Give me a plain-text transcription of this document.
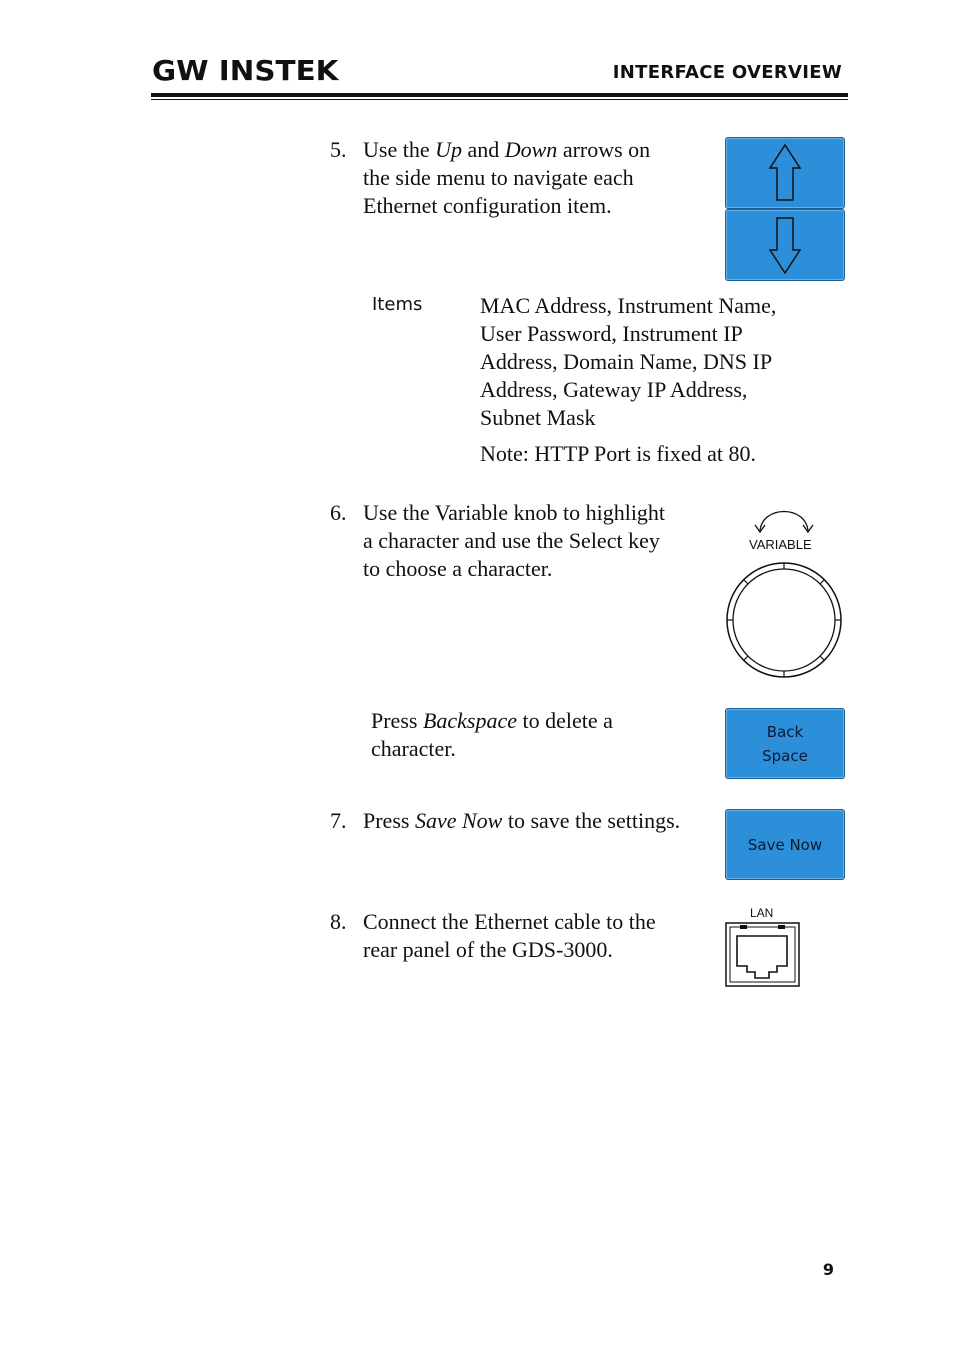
GW INSTEK	INTERFACE OVERVIEW
5. Use the Up and Down arrows on
the side menu to navigate each
Ethernet configuration item.
Items	MAC Address, Instrument Name,
User Password, Instrument IP
Address, Domain Name, DNS IP
Address, Gateway IP Address,
Subnet Mask
Note: HTTP Port is fixed at 80.
6. Use the Variable knob to highlight
a character and use the Select key
to choose a character.
VARIABLE
Press Backspace to delete a
character.
Back
Space
7. Press Save Now to save the settings.
Save Now
8. Connect the Ethernet cable to the
rear panel of the GDS-3000.
LAN
9
